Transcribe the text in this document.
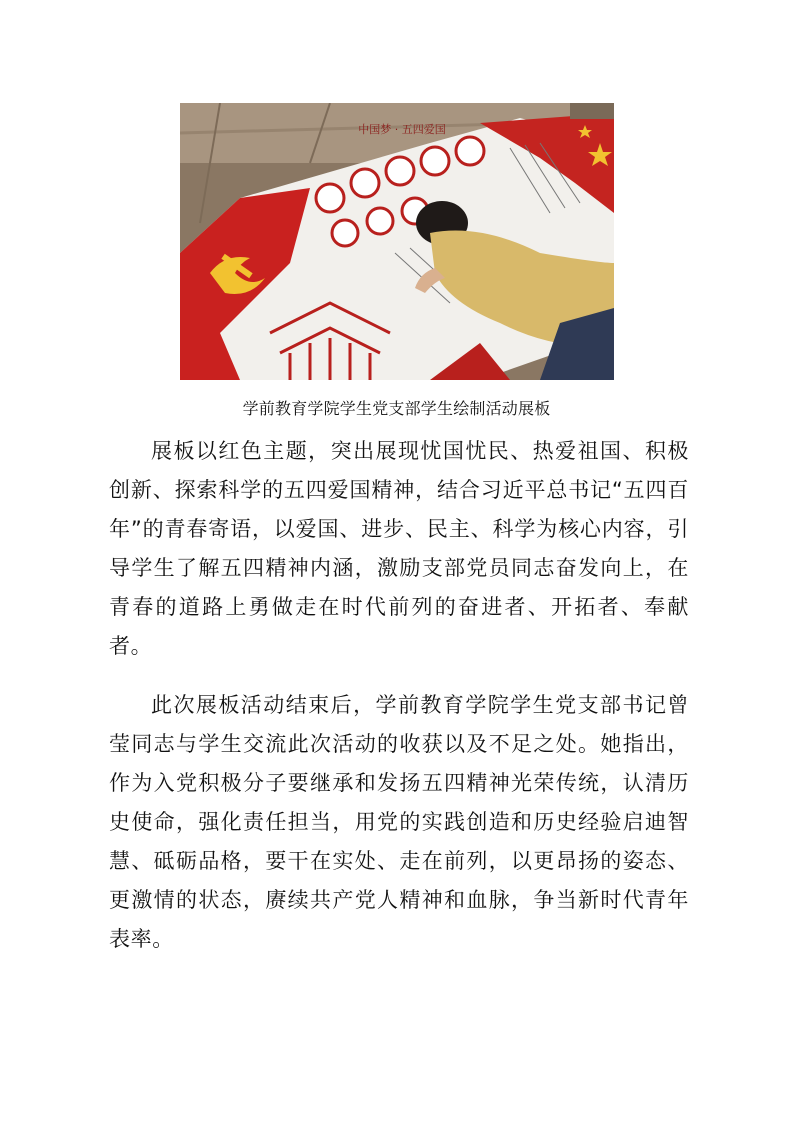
中国梦 · 五四爱国
学前教育学院学生党支部学生绘制活动展板

展板以红色主题，突出展现忧国忧民、热爱祖国、积极创新、探索科学的五四爱国精神，结合习近平总书记“五四百年”的青春寄语，以爱国、进步、民主、科学为核心内容，引导学生了解五四精神内涵，激励支部党员同志奋发向上，在青春的道路上勇做走在时代前列的奋进者、开拓者、奉献者。

此次展板活动结束后，学前教育学院学生党支部书记曾莹同志与学生交流此次活动的收获以及不足之处。她指出，作为入党积极分子要继承和发扬五四精神光荣传统，认清历史使命，强化责任担当，用党的实践创造和历史经验启迪智慧、砥砺品格，要干在实处、走在前列，以更昂扬的姿态、更激情的状态，赓续共产党人精神和血脉，争当新时代青年表率。
